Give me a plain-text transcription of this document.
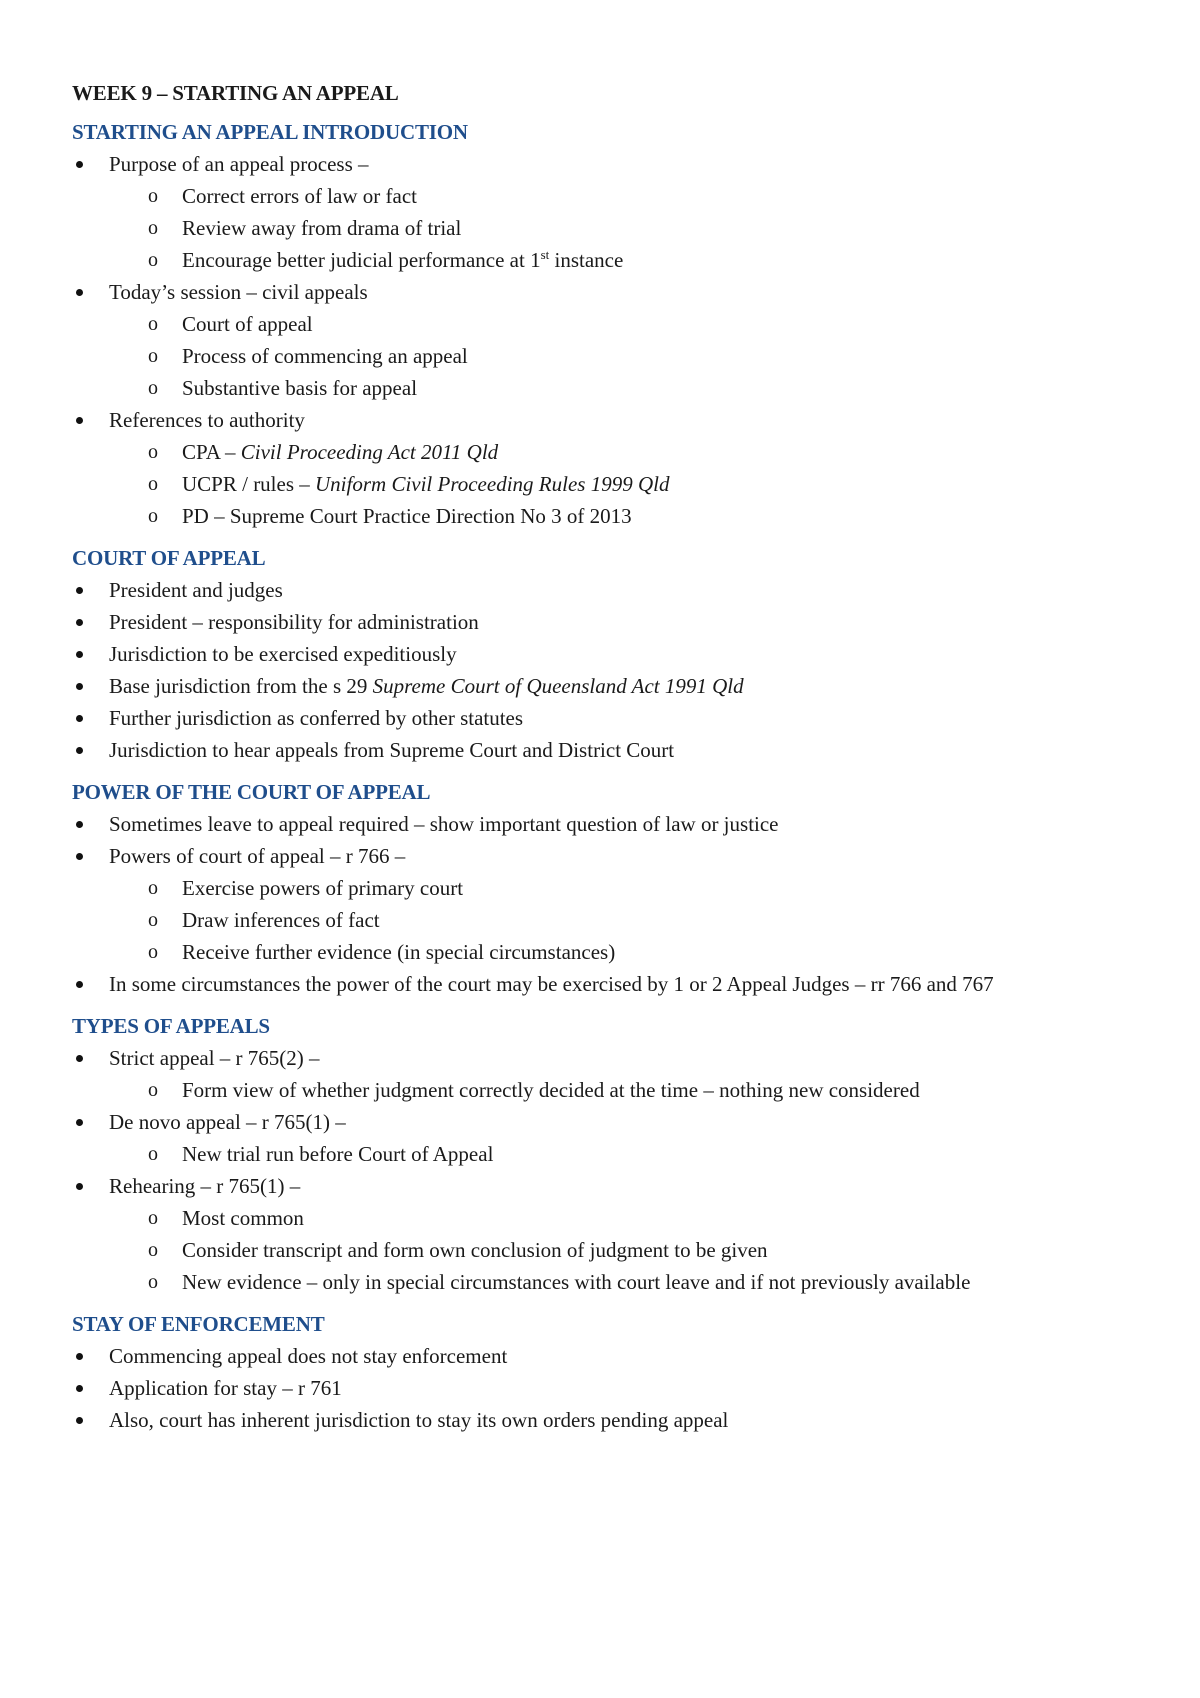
WEEK 9 – STARTING AN APPEAL
STARTING AN APPEAL INTRODUCTION
Purpose of an appeal process –
o Correct errors of law or fact
o Review away from drama of trial
o Encourage better judicial performance at 1st instance
Today’s session – civil appeals
o Court of appeal
o Process of commencing an appeal
o Substantive basis for appeal
References to authority
o CPA – Civil Proceeding Act 2011 Qld
o UCPR / rules – Uniform Civil Proceeding Rules 1999 Qld
o PD – Supreme Court Practice Direction No 3 of 2013
COURT OF APPEAL
President and judges
President – responsibility for administration
Jurisdiction to be exercised expeditiously
Base jurisdiction from the s 29 Supreme Court of Queensland Act 1991 Qld
Further jurisdiction as conferred by other statutes
Jurisdiction to hear appeals from Supreme Court and District Court
POWER OF THE COURT OF APPEAL
Sometimes leave to appeal required – show important question of law or justice
Powers of court of appeal – r 766 –
o Exercise powers of primary court
o Draw inferences of fact
o Receive further evidence (in special circumstances)
In some circumstances the power of the court may be exercised by 1 or 2 Appeal Judges – rr 766 and 767
TYPES OF APPEALS
Strict appeal – r 765(2) –
o Form view of whether judgment correctly decided at the time – nothing new considered
De novo appeal – r 765(1) –
o New trial run before Court of Appeal
Rehearing – r 765(1) –
o Most common
o Consider transcript and form own conclusion of judgment to be given
o New evidence – only in special circumstances with court leave and if not previously available
STAY OF ENFORCEMENT
Commencing appeal does not stay enforcement
Application for stay – r 761
Also, court has inherent jurisdiction to stay its own orders pending appeal
